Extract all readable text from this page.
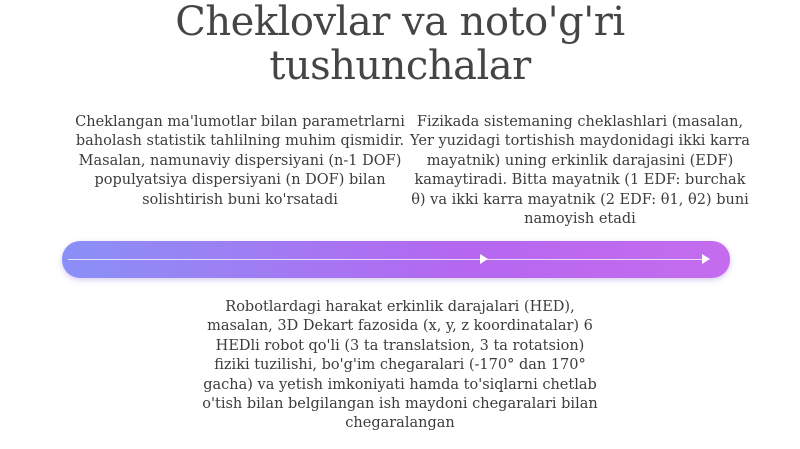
Cheklovlar va noto'g'ri
tushunchalar
Cheklangan ma'lumotlar bilan parametrlarni baholash statistik tahlilning muhim qismidir. Masalan, namunaviy dispersiyani (n-1 DOF) populyatsiya dispersiyani (n DOF) bilan solishtirish buni ko'rsatadi
Fizikada sistemaning cheklashlari (masalan, Yer yuzidagi tortishish maydonidagi ikki karra mayatnik) uning erkinlik darajasini (EDF) kamaytiradi. Bitta mayatnik (1 EDF: burchak θ) va ikki karra mayatnik (2 EDF: θ1, θ2) buni namoyish etadi
Robotlardagi harakat erkinlik darajalari (HED), masalan, 3D Dekart fazosida (x, y, z koordinatalar) 6 HEDli robot qo'li (3 ta translatsion, 3 ta rotatsion) fiziki tuzilishi, bo'g'im chegaralari (-170° dan 170° gacha) va yetish imkoniyati hamda to'siqlarni chetlab o'tish bilan belgilangan ish maydoni chegaralari bilan chegaralangan
